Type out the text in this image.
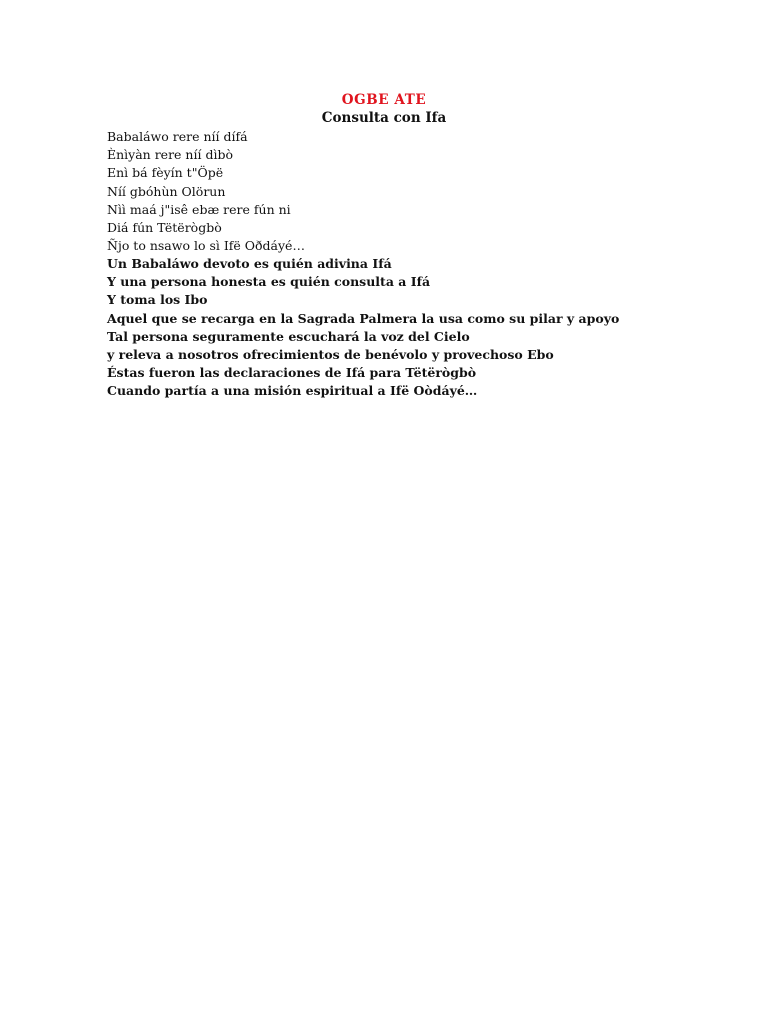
OGBE ATE
Consulta con Ifa
Babaláwo rere níí dífá
Ènìyàn rere níí dìbò
Enì bá fèyín t"Öpë
Níí gbóhùn Olörun
Nìì maá j"isê ebæ rere fún ni
Diá fún Tëtërògbò
Ñjo to nsawo lo sì Ifë Oðdáyé…
Un Babaláwo devoto es quién adivina Ifá
Y una persona honesta es quién consulta a Ifá
Y toma los Ibo
Aquel que se recarga en la Sagrada Palmera la usa como su pilar y apoyo
Tal persona seguramente escuchará la voz del Cielo
y releva a nosotros ofrecimientos de benévolo y provechoso Ebo
Éstas fueron las declaraciones de Ifá para Tëtërògbò
Cuando partía a una misión espiritual a Ifë Oòdáyé…
